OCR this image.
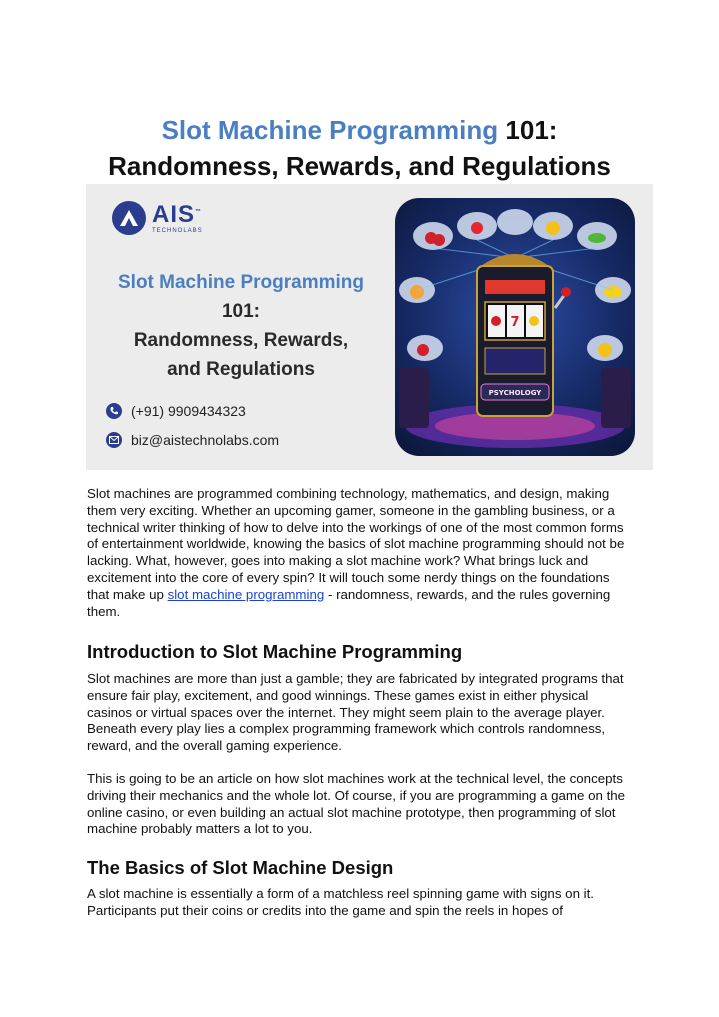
Slot Machine Programming 101:
Randomness, Rewards, and Regulations
AIS™
TECHNOLABS
Slot Machine Programming 101:
Randomness, Rewards,
and Regulations
(+91) 9909434323
biz@aistechnolabs.com
7
PSYCHOLOGY
Slot machines are programmed combining technology, mathematics, and design, making them very exciting. Whether an upcoming gamer, someone in the gambling business, or a technical writer thinking of how to delve into the workings of one of the most common forms of entertainment worldwide, knowing the basics of slot machine programming should not be lacking. What, however, goes into making a slot machine work? What brings luck and excitement into the core of every spin? It will touch some nerdy things on the foundations that make up slot machine programming - randomness, rewards, and the rules governing them.
Introduction to Slot Machine Programming
Slot machines are more than just a gamble; they are fabricated by integrated programs that ensure fair play, excitement, and good winnings. These games exist in either physical casinos or virtual spaces over the internet. They might seem plain to the average player. Beneath every play lies a complex programming framework which controls randomness, reward, and the overall gaming experience.
This is going to be an article on how slot machines work at the technical level, the concepts driving their mechanics and the whole lot. Of course, if you are programming a game on the online casino, or even building an actual slot machine prototype, then programming of slot machine probably matters a lot to you.
The Basics of Slot Machine Design
A slot machine is essentially a form of a matchless reel spinning game with signs on it. Participants put their coins or credits into the game and spin the reels in hopes of
